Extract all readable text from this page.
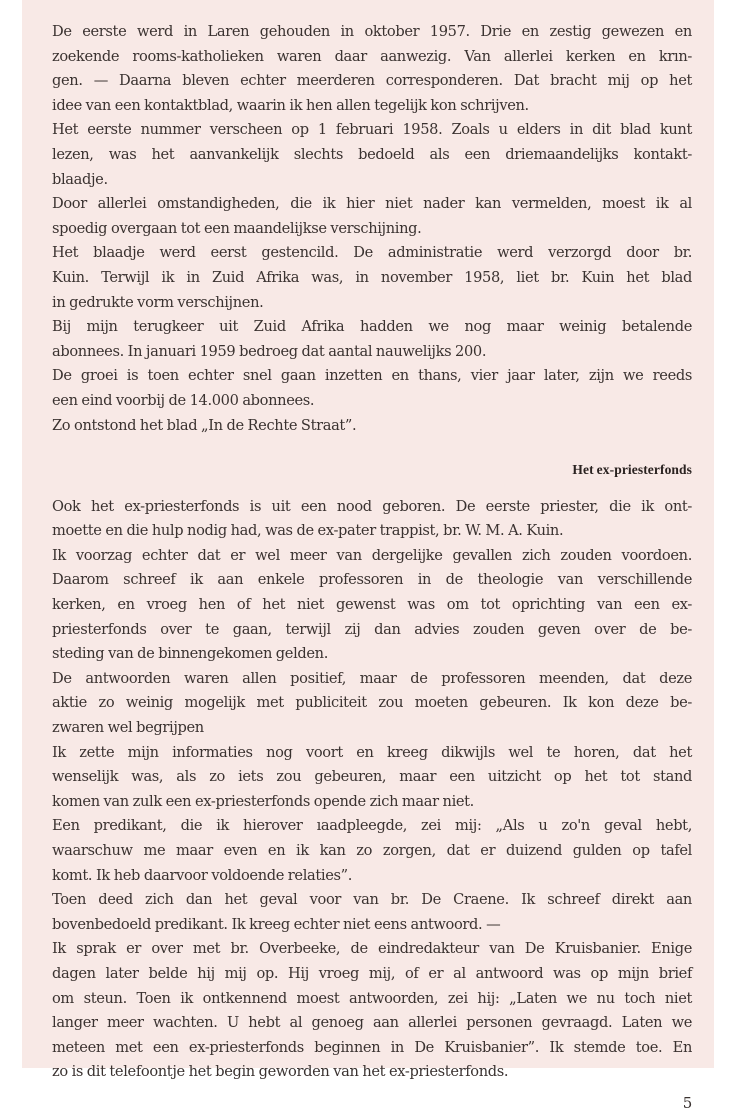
De eerste werd in Laren gehouden in oktober 1957. Drie en zestig gewezen en
zoekende rooms-katholieken waren daar aanwezig. Van allerlei kerken en krın-
gen. — Daarna bleven echter meerderen corresponderen. Dat bracht mij op het
idee van een kontaktblad, waarin ik hen allen tegelijk kon schrijven.
Het eerste nummer verscheen op 1 februari 1958. Zoals u elders in dit blad kunt
lezen, was het aanvankelijk slechts bedoeld als een driemaandelijks kontakt-
blaadje.
Door allerlei omstandigheden, die ik hier niet nader kan vermelden, moest ik al
spoedig overgaan tot een maandelijkse verschijning.
Het blaadje werd eerst gestencild. De administratie werd verzorgd door br.
Kuin. Terwijl ik in Zuid Afrika was, in november 1958, liet br. Kuin het blad
in gedrukte vorm verschijnen.
Bij mijn terugkeer uit Zuid Afrika hadden we nog maar weinig betalende
abonnees. In januari 1959 bedroeg dat aantal nauwelijks 200.
De groei is toen echter snel gaan inzetten en thans, vier jaar later, zijn we reeds
een eind voorbij de 14.000 abonnees.
Zo ontstond het blad „In de Rechte Straat”.
Het ex-priesterfonds
Ook het ex-priesterfonds is uit een nood geboren. De eerste priester, die ik ont-
moette en die hulp nodig had, was de ex-pater trappist, br. W. M. A. Kuin.
Ik voorzag echter dat er wel meer van dergelijke gevallen zich zouden voordoen.
Daarom schreef ik aan enkele professoren in de theologie van verschillende
kerken, en vroeg hen of het niet gewenst was om tot oprichting van een ex-
priesterfonds over te gaan, terwijl zij dan advies zouden geven over de be-
steding van de binnengekomen gelden.
De antwoorden waren allen positief, maar de professoren meenden, dat deze
aktie zo weinig mogelijk met publiciteit zou moeten gebeuren. Ik kon deze be-
zwaren wel begrijpen
Ik zette mijn informaties nog voort en kreeg dikwijls wel te horen, dat het
wenselijk was, als zo iets zou gebeuren, maar een uitzicht op het tot stand
komen van zulk een ex-priesterfonds opende zich maar niet.
Een predikant, die ik hierover ıaadpleegde, zei mij: „Als u zo'n geval hebt,
waarschuw me maar even en ik kan zo zorgen, dat er duizend gulden op tafel
komt. Ik heb daarvoor voldoende relaties”.
Toen deed zich dan het geval voor van br. De Craene. Ik schreef direkt aan
bovenbedoeld predikant. Ik kreeg echter niet eens antwoord. —
Ik sprak er over met br. Overbeeke, de eindredakteur van De Kruisbanier. Enige
dagen later belde hij mij op. Hij vroeg mij, of er al antwoord was op mijn brief
om steun. Toen ik ontkennend moest antwoorden, zei hij: „Laten we nu toch niet
langer meer wachten. U hebt al genoeg aan allerlei personen gevraagd. Laten we
meteen met een ex-priesterfonds beginnen in De Kruisbanier”. Ik stemde toe. En
zo is dit telefoontje het begin geworden van het ex-priesterfonds.
5
